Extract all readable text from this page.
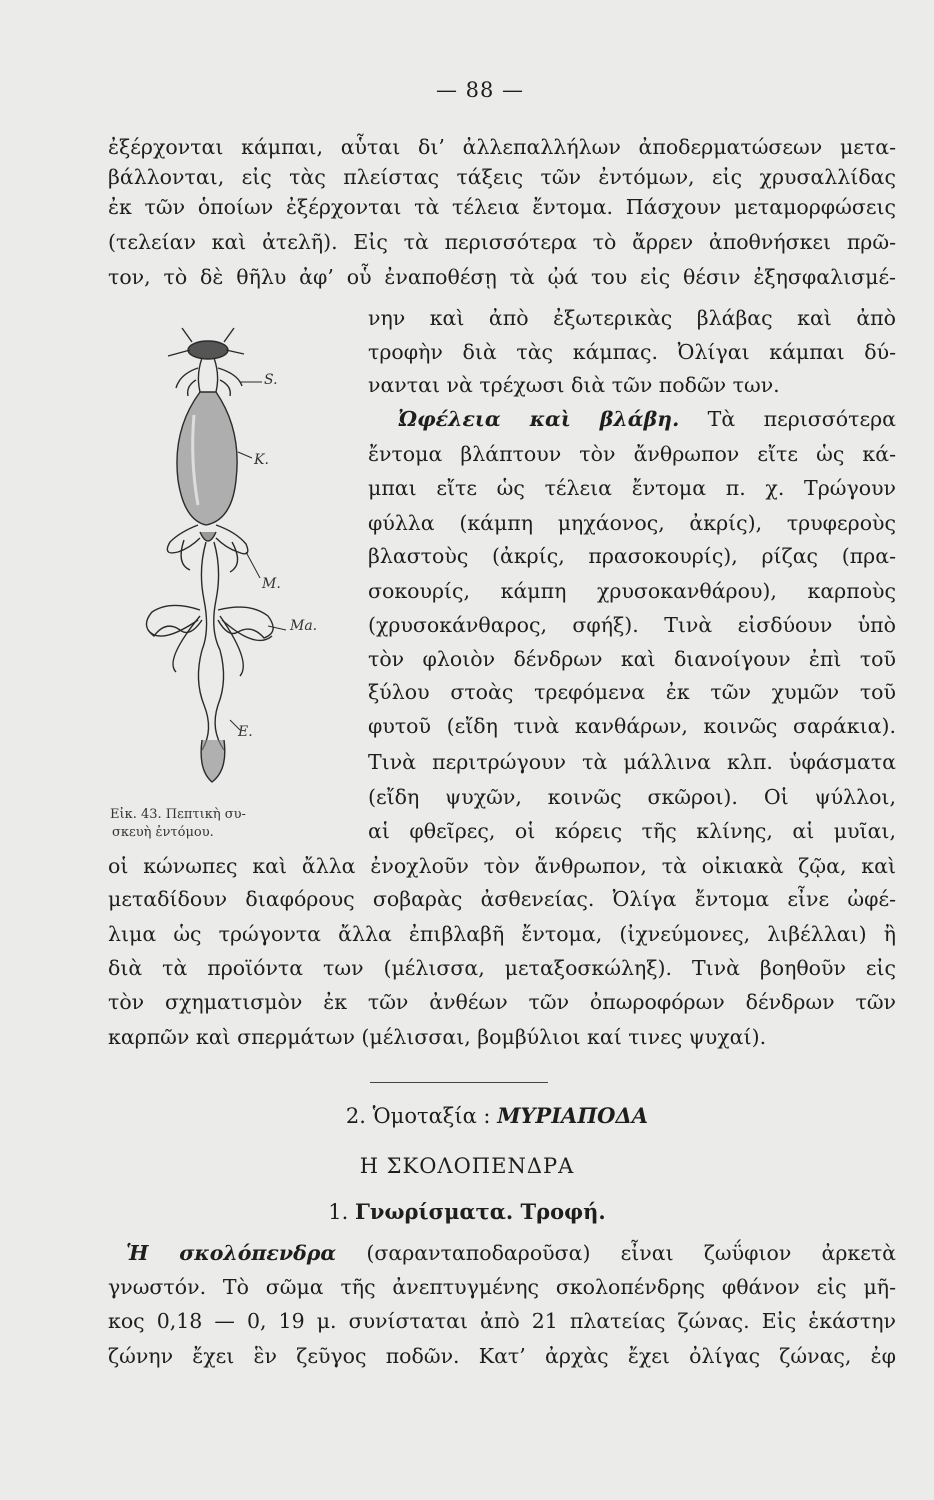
— 88 —
ἐξέρχονται κάμπαι, αὗται δι’ ἀλλεπαλλήλων ἀποδερματώσεων μετα-
βάλλονται, εἰς τὰς πλείστας τάξεις τῶν ἐντόμων, εἰς χρυσαλλίδας
ἐκ τῶν ὁποίων ἐξέρχονται τὰ τέλεια ἔντομα. Πάσχουν μεταμορφώσεις
(τελείαν καὶ ἀτελῆ). Εἰς τὰ περισσότερα τὸ ἄρρεν ἀποθνήσκει πρῶ-
τον, τὸ δὲ θῆλυ ἀφ’ οὗ ἐναποθέσῃ τὰ ᾠά του εἰς θέσιν ἐξησφαλισμέ-
νην καὶ ἀπὸ ἐξωτερικὰς βλάβας καὶ ἀπὸ
τροφὴν διὰ τὰς κάμπας. Ὀλίγαι κάμπαι δύ-
νανται νὰ τρέχωσι διὰ τῶν ποδῶν των.
Ὠφέλεια καὶ βλάβη. Τὰ περισσότερα
ἔντομα βλάπτουν τὸν ἄνθρωπον εἴτε ὡς κά-
μπαι εἴτε ὡς τέλεια ἔντομα π. χ. Τρώγουν
φύλλα (κάμπη μηχάονος, ἀκρίς), τρυφεροὺς
βλαστοὺς (ἀκρίς, πρασοκουρίς), ρίζας (πρα-
σοκουρίς, κάμπη χρυσοκανθάρου), καρποὺς
(χρυσοκάνθαρος, σφήξ). Τινὰ εἰσδύουν ὑπὸ
τὸν φλοιὸν δένδρων καὶ διανοίγουν ἐπὶ τοῦ
ξύλου στοὰς τρεφόμενα ἐκ τῶν χυμῶν τοῦ
φυτοῦ (εἴδη τινὰ κανθάρων, κοινῶς σαράκια).
Τινὰ περιτρώγουν τὰ μάλλινα κλπ. ὑφάσματα
(εἴδη ψυχῶν, κοινῶς σκῶροι). Οἱ ψύλλοι,
αἱ φθεῖρες, οἱ κόρεις τῆς κλίνης, αἱ μυῖαι,
S.
K.
M.
Ma.
E.
Εἰκ. 43. Πεπτικὴ συ-
σκευὴ ἐντόμου.
οἱ κώνωπες καὶ ἄλλα ἐνοχλοῦν τὸν ἄνθρωπον, τὰ οἰκιακὰ ζῷα, καὶ
μεταδίδουν διαφόρους σοβαρὰς ἀσθενείας. Ὀλίγα ἔντομα εἶνε ὠφέ-
λιμα ὡς τρώγοντα ἄλλα ἐπιβλαβῆ ἔντομα, (ἰχνεύμονες, λιβέλλαι) ἢ
διὰ τὰ προϊόντα των (μέλισσα, μεταξοσκώληξ). Τινὰ βοηθοῦν εἰς
τὸν σχηματισμὸν ἐκ τῶν ἀνθέων τῶν ὀπωροφόρων δένδρων τῶν
καρπῶν καὶ σπερμάτων (μέλισσαι, βομβύλιοι καί τινες ψυχαί).
2. Ὁμοταξία : ΜΥΡΙΑΠΟΔΑ
Η ΣΚΟΛΟΠΕΝΔΡΑ
1. Γνωρίσματα. Τροφή.
Ἡ σκολόπενδρα (σαρανταποδαροῦσα) εἶναι ζωΰφιον ἀρκετὰ
γνωστόν. Τὸ σῶμα τῆς ἀνεπτυγμένης σκολοπένδρης φθάνον εἰς μῆ-
κος 0,18 — 0, 19 μ. συνίσταται ἀπὸ 21 πλατείας ζώνας. Εἰς ἑκάστην
ζώνην ἔχει ἓν ζεῦγος ποδῶν. Κατ’ ἀρχὰς ἔχει ὀλίγας ζώνας, ἐφ
